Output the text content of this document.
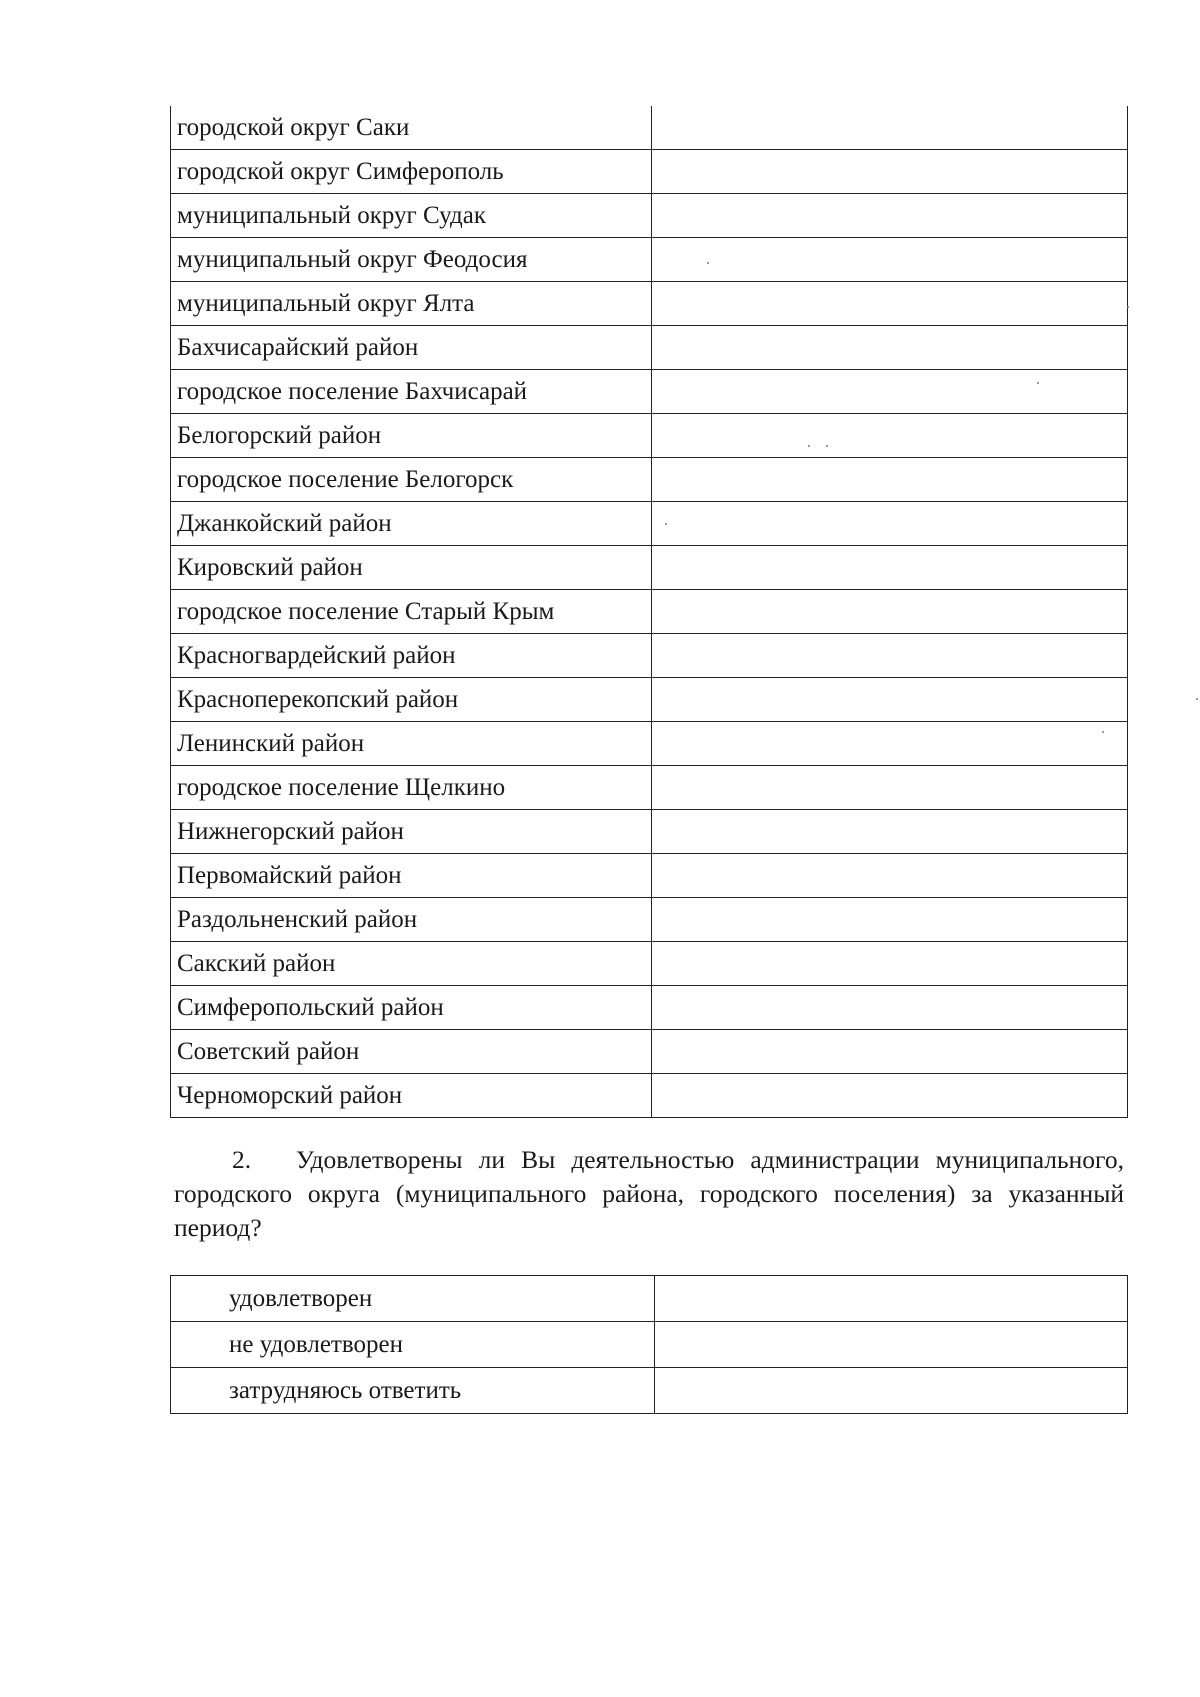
городской округ Саки	
городской округ Симферополь	
муниципальный округ Судак	
муниципальный округ Феодосия	
муниципальный округ Ялта	
Бахчисарайский район	
городское поселение Бахчисарай	
Белогорский район	
городское поселение Белогорск	
Джанкойский район	
Кировский район	
городское поселение Старый Крым	
Красногвардейский район	
Красноперекопский район	
Ленинский район	
городское поселение Щелкино	
Нижнегорский район	
Первомайский район	
Раздольненский район	
Сакский район	
Симферопольский район	
Советский район	
Черноморский район	

2. Удовлетворены ли Вы деятельностью администрации муниципального, городского округа (муниципального района, городского поселения) за указанный период?

удовлетворен	
не удовлетворен	
затрудняюсь ответить	
